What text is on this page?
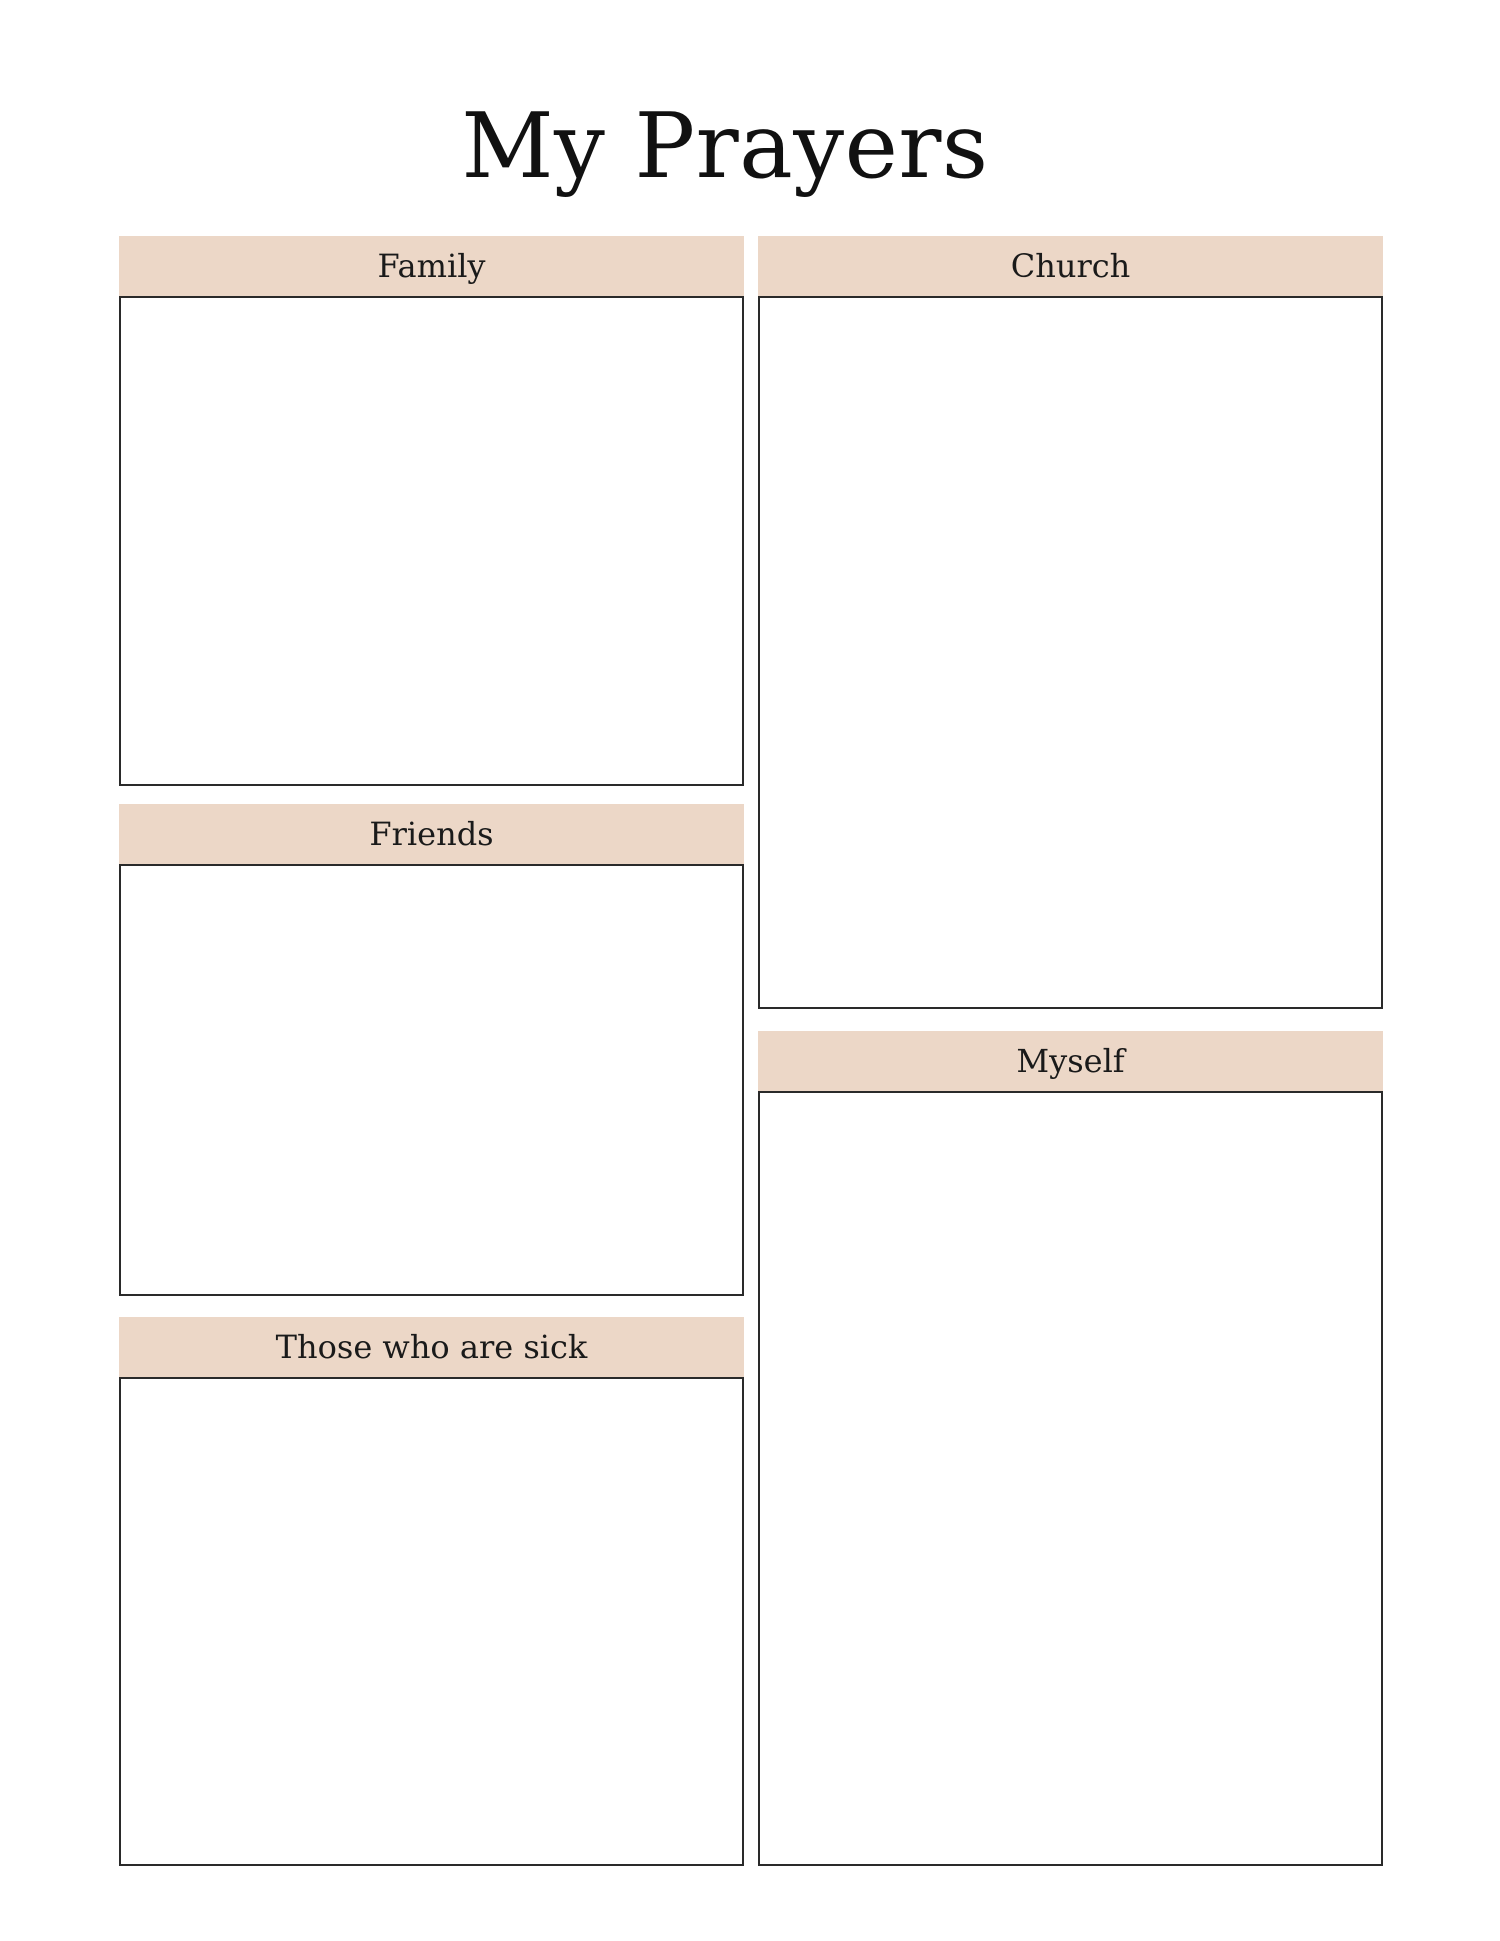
My Prayers
Family
Friends
Those who are sick
Church
Myself
